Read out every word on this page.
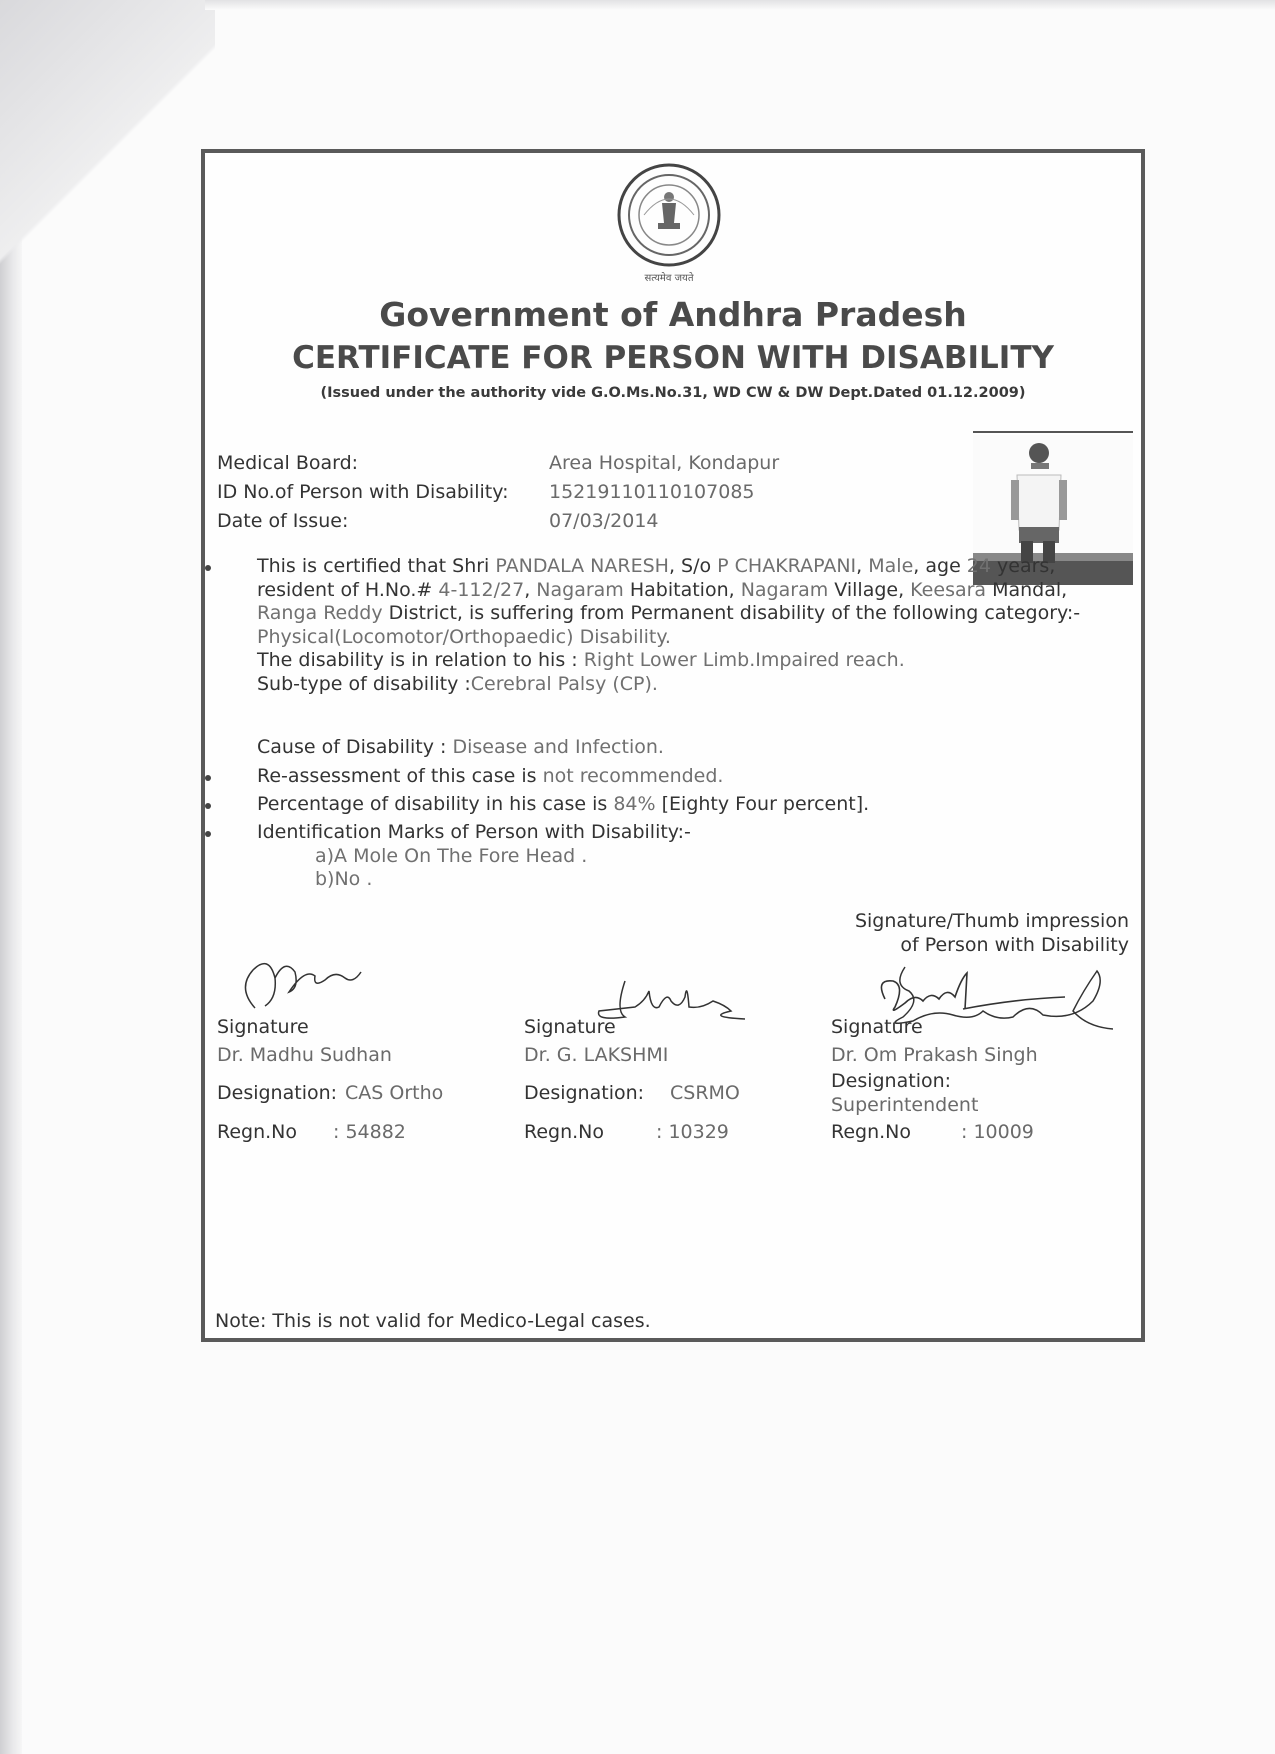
सत्यमेव जयते
Government of Andhra Pradesh
CERTIFICATE FOR PERSON WITH DISABILITY
(Issued under the authority vide G.O.Ms.No.31, WD CW & DW Dept.Dated 01.12.2009)
Medical Board:	Area Hospital, Kondapur
ID No.of Person with Disability: 15219110110107085
Date of Issue:	07/03/2014
This is certified that Shri PANDALA NARESH, S/o P CHAKRAPANI, Male, age 24 years, resident of H.No.# 4-112/27, Nagaram Habitation, Nagaram Village, Keesara Mandal, Ranga Reddy District, is suffering from Permanent disability of the following category:-
Physical(Locomotor/Orthopaedic) Disability.
The disability is in relation to his : Right Lower Limb.Impaired reach.
Sub-type of disability :Cerebral Palsy (CP).
Cause of Disability : Disease and Infection.
Re-assessment of this case is not recommended.
Percentage of disability in his case is 84% [Eighty Four percent].
Identification Marks of Person with Disability:-
a)A Mole On The Fore Head .
b)No .
Signature/Thumb impression
of Person with Disability
Signature
Dr. Madhu Sudhan
Designation: CAS Ortho
Regn.No : 54882
Signature
Dr. G. LAKSHMI
Designation: CSRMO
Regn.No	: 10329
Signature
Dr. Om Prakash Singh
Designation:
Superintendent
Regn.No	: 10009
Note: This is not valid for Medico-Legal cases.
